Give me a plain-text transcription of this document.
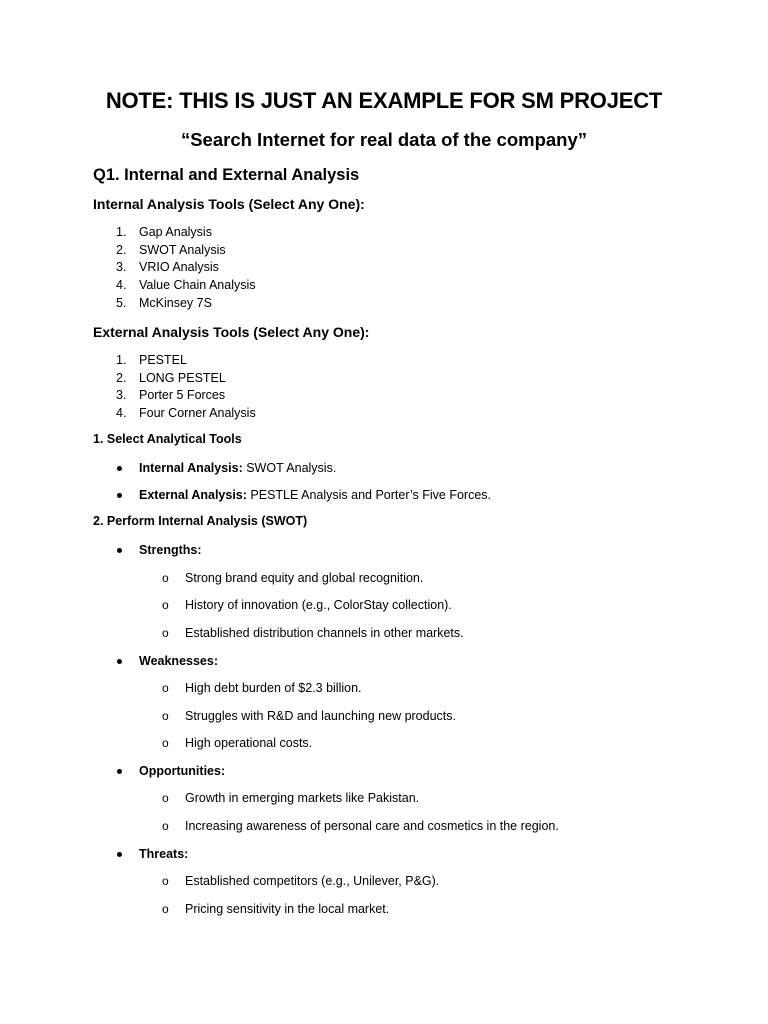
NOTE: THIS IS JUST AN EXAMPLE FOR SM PROJECT
“Search Internet for real data of the company”
Q1. Internal and External Analysis
Internal Analysis Tools (Select Any One):
1. Gap Analysis
2. SWOT Analysis
3. VRIO Analysis
4. Value Chain Analysis
5. McKinsey 7S
External Analysis Tools (Select Any One):
1. PESTEL
2. LONG PESTEL
3. Porter 5 Forces
4. Four Corner Analysis
1. Select Analytical Tools
Internal Analysis: SWOT Analysis.
External Analysis: PESTLE Analysis and Porter’s Five Forces.
2. Perform Internal Analysis (SWOT)
Strengths:
o Strong brand equity and global recognition.
o History of innovation (e.g., ColorStay collection).
o Established distribution channels in other markets.
Weaknesses:
o High debt burden of $2.3 billion.
o Struggles with R&D and launching new products.
o High operational costs.
Opportunities:
o Growth in emerging markets like Pakistan.
o Increasing awareness of personal care and cosmetics in the region.
Threats:
o Established competitors (e.g., Unilever, P&G).
o Pricing sensitivity in the local market.
